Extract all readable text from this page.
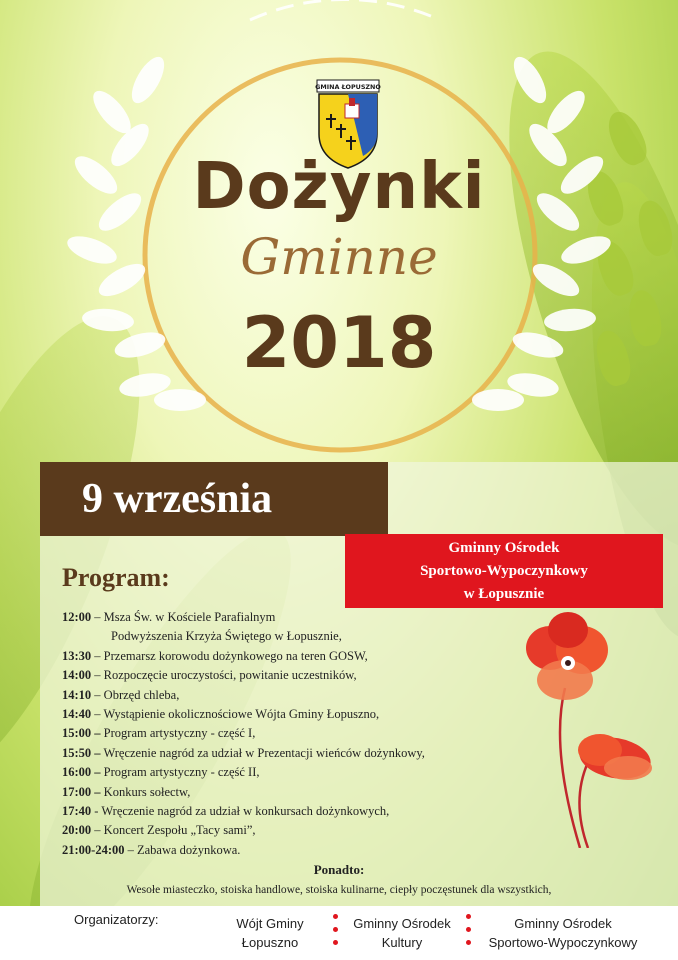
GMINA ŁOPUSZNO
Dożynki
Gminne
2018
9 września
Gminny Ośrodek
Sportowo-Wypoczynkowy
w Łopusznie
Program:
12:00 – Msza Św. w Kościele Parafialnym
Podwyższenia Krzyża Świętego w Łopusznie,
13:30 – Przemarsz korowodu dożynkowego na teren GOSW,
14:00 – Rozpoczęcie uroczystości, powitanie uczestników,
14:10 – Obrzęd chleba,
14:40 – Wystąpienie okolicznościowe Wójta Gminy Łopuszno,
15:00 – Program artystyczny - część I,
15:50 – Wręczenie nagród za udział w Prezentacji wieńców dożynkowy,
16:00 – Program artystyczny - część II,
17:00 – Konkurs sołectw,
17:40 - Wręczenie nagród za udział w konkursach dożynkowych,
20:00 – Koncert Zespołu „Tacy sami”,
21:00-24:00 – Zabawa dożynkowa.
Ponadto:
Wesołe miasteczko, stoiska handlowe, stoiska kulinarne, ciepły poczęstunek dla wszystkich,
Organizatorzy:	Wójt Gminy
Łopuszno
Gminny Ośrodek
Kultury
Gminny Ośrodek
Sportowo-Wypoczynkowy
